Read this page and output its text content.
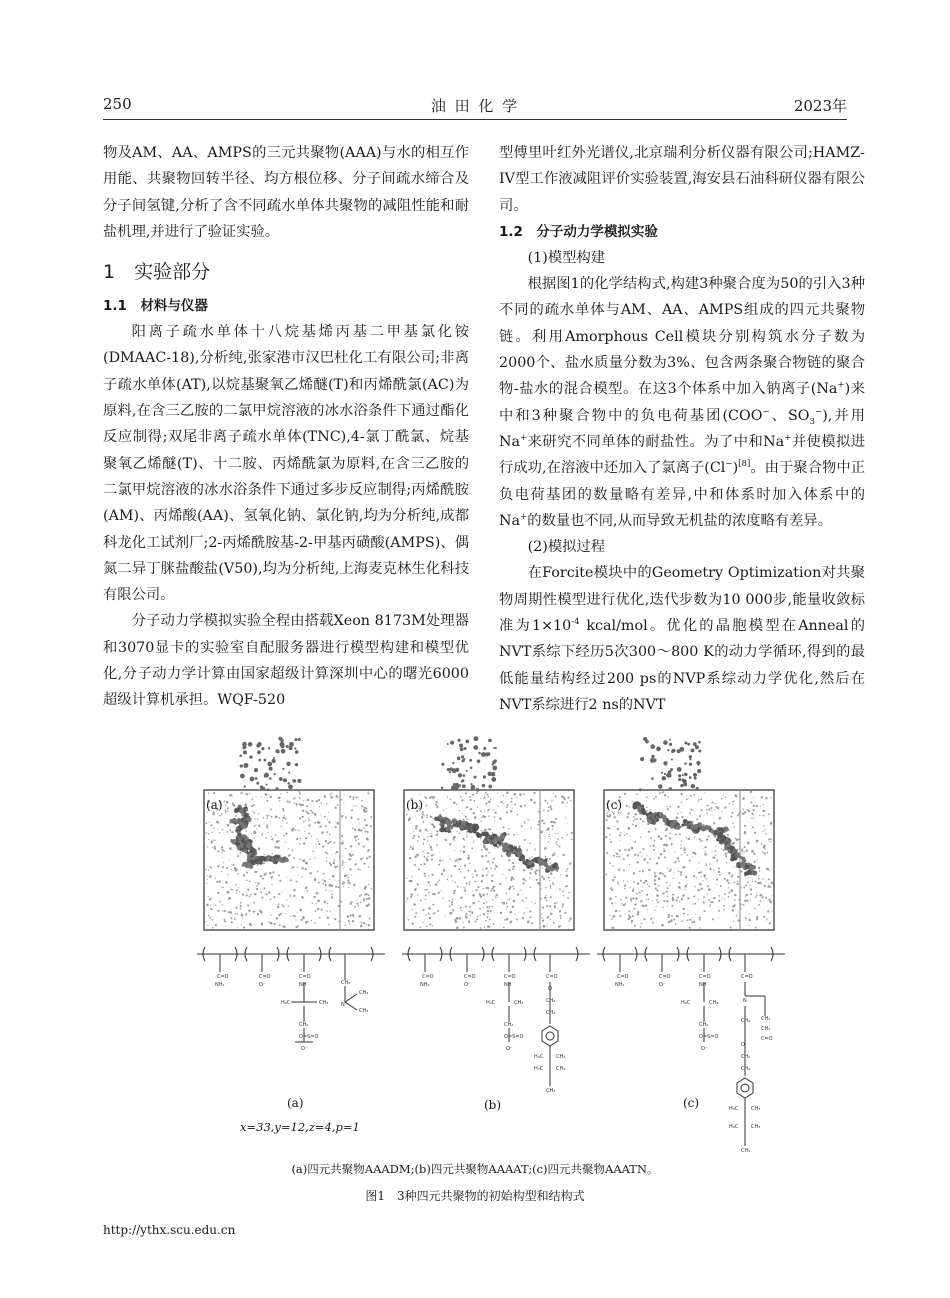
250	油 田 化 学	2023年

物及AM、AA、AMPS的三元共聚物(AAA)与水的相互作用能、共聚物回转半径、均方根位移、分子间疏水缔合及分子间氢键,分析了含不同疏水单体共聚物的减阻性能和耐盐机理,并进行了验证实验。

1　实验部分
1.1　材料与仪器

阳离子疏水单体十八烷基烯丙基二甲基氯化铵(DMAAC-18),分析纯,张家港市汉巴杜化工有限公司;非离子疏水单体(AT),以烷基聚氧乙烯醚(T)和丙烯酰氯(AC)为原料,在含三乙胺的二氯甲烷溶液的冰水浴条件下通过酯化反应制得;双尾非离子疏水单体(TNC),4-氯丁酰氯、烷基聚氧乙烯醚(T)、十二胺、丙烯酰氯为原料,在含三乙胺的二氯甲烷溶液的冰水浴条件下通过多步反应制得;丙烯酰胺(AM)、丙烯酸(AA)、氢氧化钠、氯化钠,均为分析纯,成都科龙化工试剂厂;2-丙烯酰胺基-2-甲基丙磺酸(AMPS)、偶氮二异丁脒盐酸盐(V50),均为分析纯,上海麦克林生化科技有限公司。

分子动力学模拟实验全程由搭载Xeon 8173M处理器和3070显卡的实验室自配服务器进行模型构建和模型优化,分子动力学计算由国家超级计算深圳中心的曙光6000超级计算机承担。WQF-520

型傅里叶红外光谱仪,北京瑞利分析仪器有限公司;HAMZ-IV型工作液减阻评价实验装置,海安县石油科研仪器有限公司。

1.2　分子动力学模拟实验

(1)模型构建

根据图1的化学结构式,构建3种聚合度为50的引入3种不同的疏水单体与AM、AA、AMPS组成的四元共聚物链。利用Amorphous Cell模块分别构筑水分子数为2000个、盐水质量分数为3%、包含两条聚合物链的聚合物-盐水的混合模型。在这3个体系中加入钠离子(Na+)来中和3种聚合物中的负电荷基团(COO−、$SO_3^-$),并用Na+来研究不同单体的耐盐性。为了中和Na+并使模拟进行成功,在溶液中还加入了氯离子(Cl−)[8]。由于聚合物中正负电荷基团的数量略有差异,中和体系时加入体系中的Na+的数量也不同,从而导致无机盐的浓度略有差异。

(2)模拟过程

在Forcite模块中的Geometry Optimization对共聚物周期性模型进行优化,迭代步数为10 000步,能量收敛标准为$1\times 10^{-4}$ kcal/mol。优化的晶胞模型在Anneal的NVT系综下经历5次300～800 K的动力学循环,得到的最低能量结构经过200 ps的NVP系综动力学优化,然后在NVT系综进行2 ns的NVT

(a)	(b)	(c)
C=O
NH₂
C=O
O⁻
C=O
NH
H₃C	CH₃
CH₂
O=S=O
O⁻
CH₂
N⁺
CH₃
CH₃
(a)
C=O
NH₂
C=O
O⁻
C=O
NH
H₃C	CH₃
CH₂
O=S=O
O⁻
C=O
O
CH₂
CH₂
H₃C	CH₃
H₃C	CH₃
CH₃
(b)
C=O
NH₂
C=O
O⁻
C=O
NH
H₃C	CH₃
CH₂
O=S=O
O⁻
C=O
N
CH₂
CH₂
C=O
CH₂
O
CH₂
CH₂
H₃C	CH₃
H₃C	CH₃
CH₃
(c)
x=33,y=12,z=4,p=1
(a)四元共聚物AAADM;(b)四元共聚物AAAAT;(c)四元共聚物AAATN。
图1　3种四元共聚物的初始构型和结构式
http://ythx.scu.edu.cn
